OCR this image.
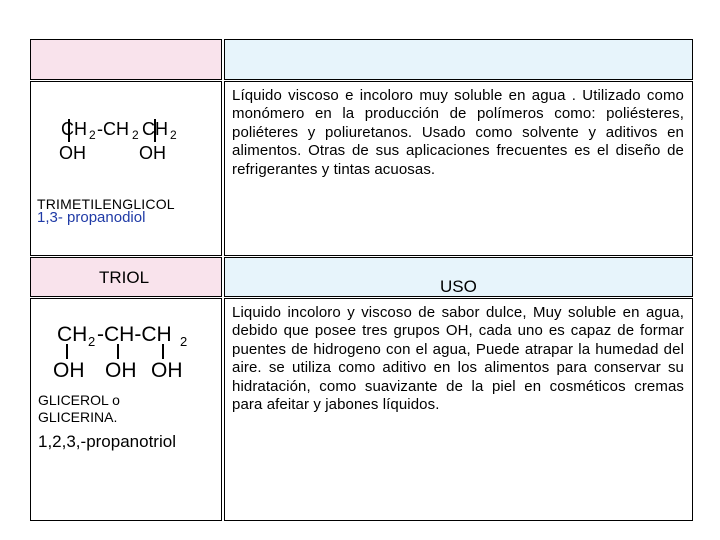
CH 2 -CH 2 CH 2
OH	OH
TRIMETILENGLICOL
1,3- propanodiol
Líquido viscoso e incoloro muy soluble en agua . Utilizado como monómero en la producción de polímeros como: poliésteres, poliéteres y poliuretanos. Usado como solvente y aditivos en alimentos. Otras de sus aplicaciones frecuentes es el diseño de refrigerantes y tintas acuosas.
TRIOL	USO
CH 2 -CH-CH 2
OH OH OH
GLICEROL o
GLICERINA.
1,2,3,-propanotriol
Liquido incoloro y viscoso de sabor dulce, Muy soluble en agua, debido que posee tres grupos OH, cada uno es capaz de formar puentes de hidrogeno con el agua, Puede atrapar la humedad del aire. se utiliza como aditivo en los alimentos para conservar su hidratación, como suavizante de la piel en cosméticos cremas para afeitar y jabones líquidos.
